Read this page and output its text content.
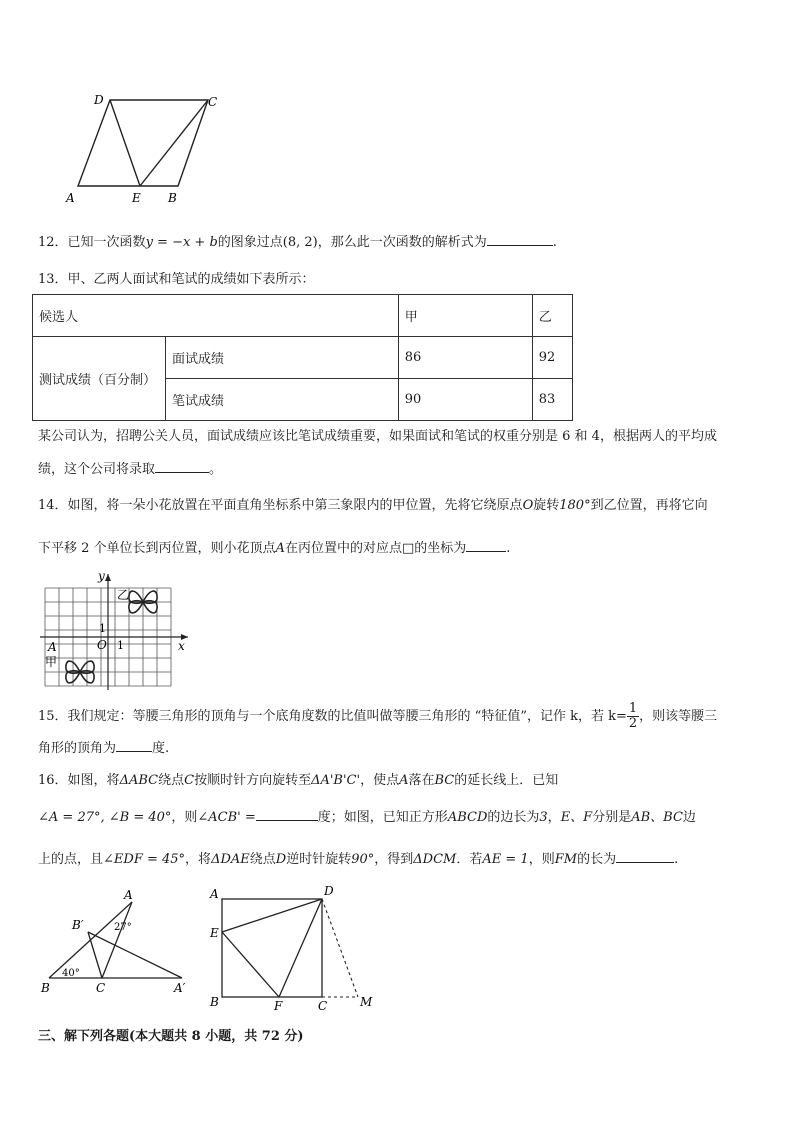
D	C
A	E B
12．已知一次函数y = −x + b的图象过点(8, 2)，那么此一次函数的解析式为	.
13．甲、乙两人面试和笔试的成绩如下表所示：
候选人		甲	乙
测试成绩（百分制）	面试成绩	86	92
	笔试成绩	90	83
某公司认为，招聘公关人员，面试成绩应该比笔试成绩重要，如果面试和笔试的权重分别是 6 和 4，根据两人的平均成
绩，这个公司将录取	。
14．如图，将一朵小花放置在平面直角坐标系中第三象限内的甲位置，先将它绕原点O旋转180°到乙位置，再将它向
下平移 2 个单位长到丙位置，则小花顶点A在丙位置中的对应点□的坐标为	.
y
x
乙
甲
1
O 1
A
15．我们规定：等腰三角形的顶角与一个底角度数的比值叫做等腰三角形的 “特征值”，记作 k，若 $k= \frac{1}{2}$ ，则该等腰三
角形的顶角为	度.
16．如图，将ΔABC绕点C按顺时针方向旋转至ΔA'B'C'，使点A落在BC的延长线上．已知
∠A = 27°, ∠B = 40°，则∠ACB' =	度；如图，已知正方形ABCD的边长为3，E、F分别是AB、BC边
上的点，且∠EDF = 45°，将ΔDAE绕点D逆时针旋转90°，得到ΔDCM．若AE = 1，则FM的长为	.
A
B′	27°
40°
B	C	A′
A	D
E
B	F	C	M
三、解下列各题(本大题共 8 小题，共 72 分)
